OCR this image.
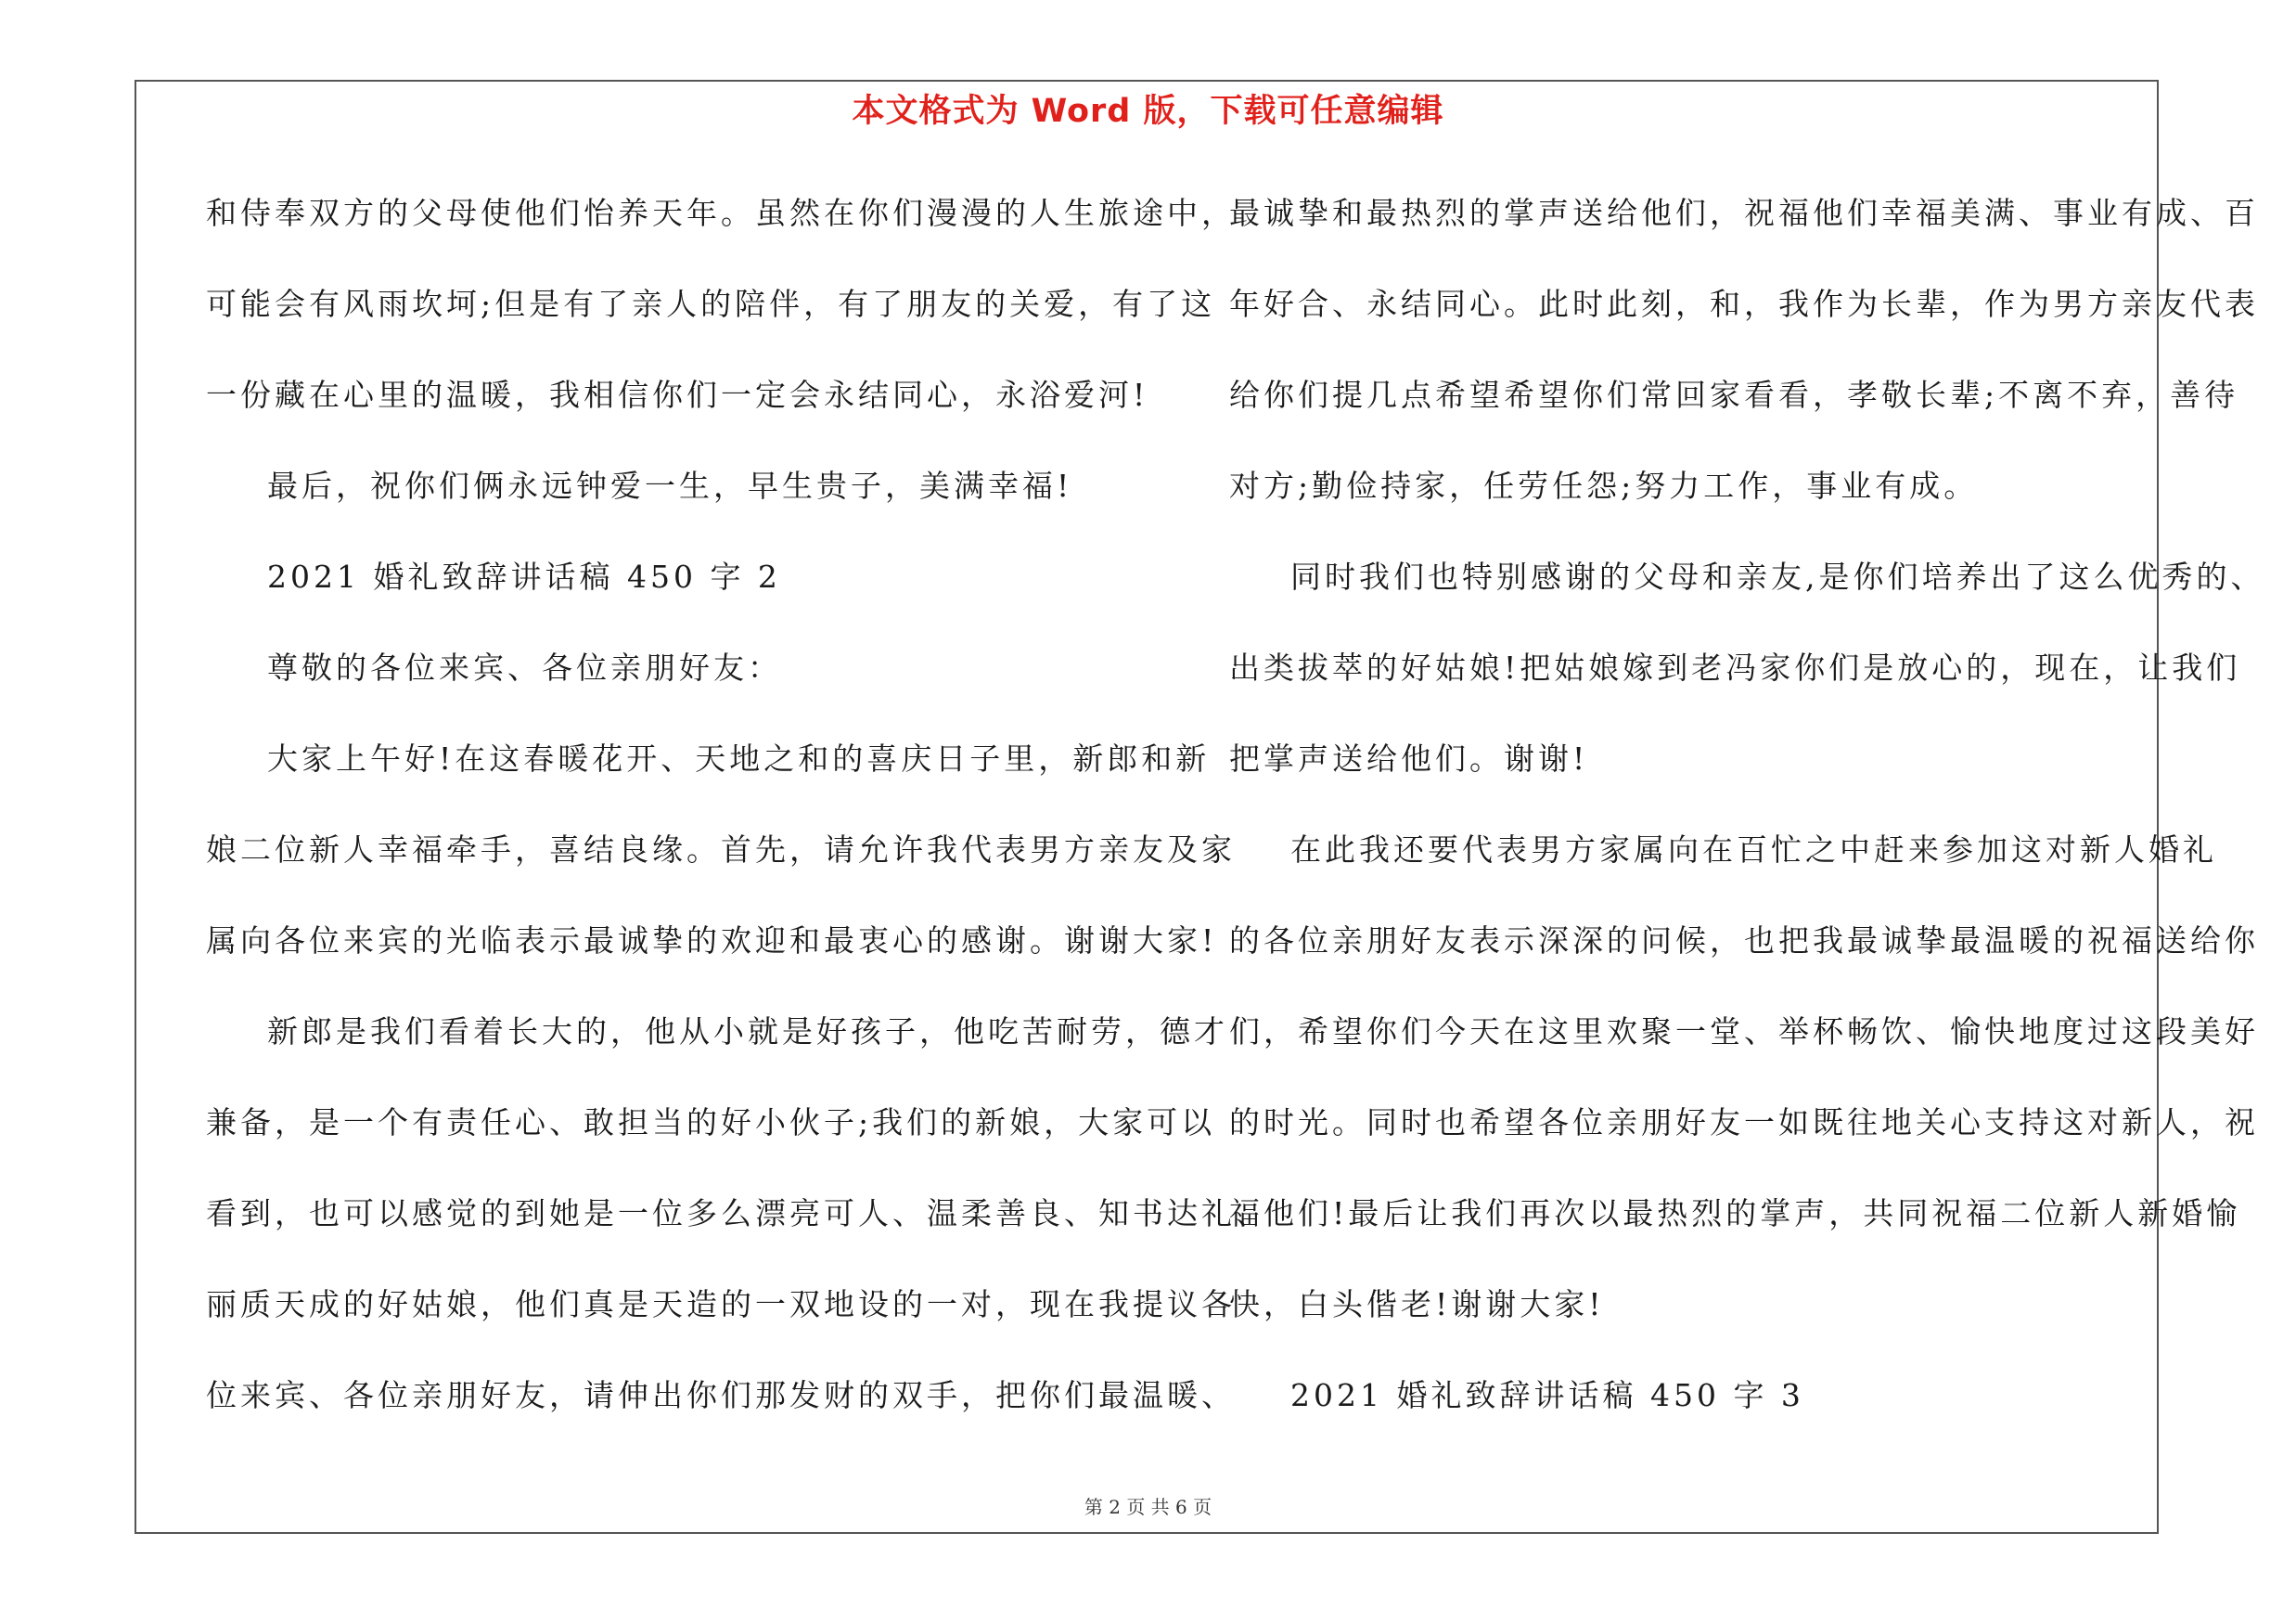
本文格式为 Word 版，下载可任意编辑

和侍奉双方的父母使他们怡养天年。虽然在你们漫漫的人生旅途中，

可能会有风雨坎坷;但是有了亲人的陪伴，有了朋友的关爱，有了这

一份藏在心里的温暖，我相信你们一定会永结同心，永浴爱河!

最后，祝你们俩永远钟爱一生，早生贵子，美满幸福!

2021 婚礼致辞讲话稿 450 字 2

尊敬的各位来宾、各位亲朋好友：

大家上午好!在这春暖花开、天地之和的喜庆日子里，新郎和新

娘二位新人幸福牵手，喜结良缘。首先，请允许我代表男方亲友及家

属向各位来宾的光临表示最诚挚的欢迎和最衷心的感谢。谢谢大家!

新郎是我们看着长大的，他从小就是好孩子，他吃苦耐劳，德才

兼备，是一个有责任心、敢担当的好小伙子;我们的新娘，大家可以

看到，也可以感觉的到她是一位多么漂亮可人、温柔善良、知书达礼、

丽质天成的好姑娘，他们真是天造的一双地设的一对，现在我提议各

位来宾、各位亲朋好友，请伸出你们那发财的双手，把你们最温暖、

最诚挚和最热烈的掌声送给他们，祝福他们幸福美满、事业有成、百

年好合、永结同心。此时此刻，和，我作为长辈，作为男方亲友代表

给你们提几点希望希望你们常回家看看，孝敬长辈;不离不弃，善待

对方;勤俭持家，任劳任怨;努力工作，事业有成。

同时我们也特别感谢的父母和亲友,是你们培养出了这么优秀的、

出类拔萃的好姑娘!把姑娘嫁到老冯家你们是放心的，现在，让我们

把掌声送给他们。谢谢!

在此我还要代表男方家属向在百忙之中赶来参加这对新人婚礼

的各位亲朋好友表示深深的问候，也把我最诚挚最温暖的祝福送给你

们，希望你们今天在这里欢聚一堂、举杯畅饮、愉快地度过这段美好

的时光。同时也希望各位亲朋好友一如既往地关心支持这对新人，祝

福他们!最后让我们再次以最热烈的掌声，共同祝福二位新人新婚愉

快，白头偕老!谢谢大家!

2021 婚礼致辞讲话稿 450 字 3

第 2 页 共 6 页
